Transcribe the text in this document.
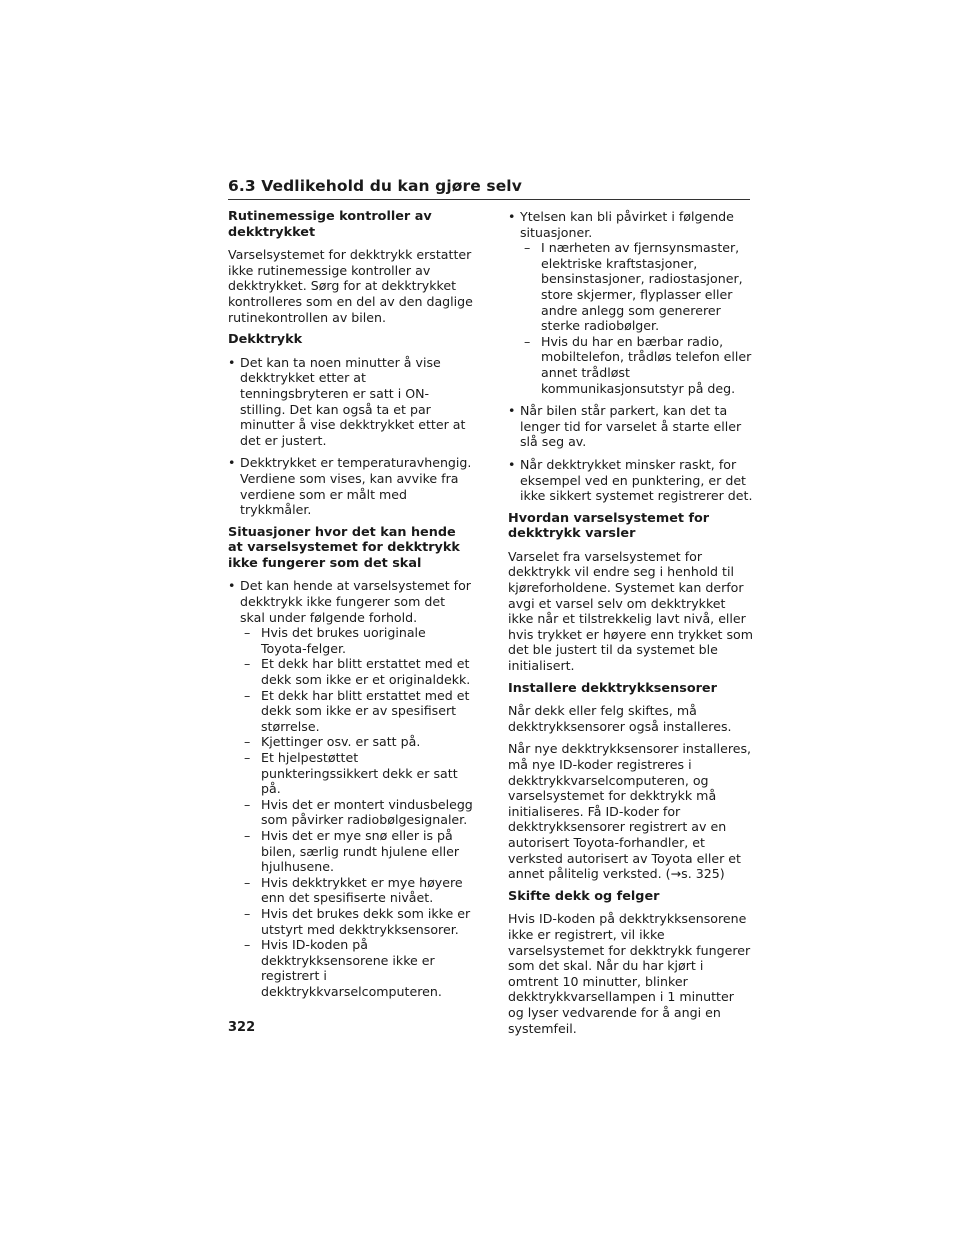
6.3 Vedlikehold du kan gjøre selv
Rutinemessige kontroller av dekktrykket
Varselsystemet for dekktrykk erstatter ikke rutinemessige kontroller av dekktrykket. Sørg for at dekktrykket kontrolleres som en del av den daglige rutinekontrollen av bilen.
Dekktrykk
• Det kan ta noen minutter å vise dekktrykket etter at tenningsbryteren er satt i ON-stilling. Det kan også ta et par minutter å vise dekktrykket etter at det er justert.
• Dekktrykket er temperaturavhengig. Verdiene som vises, kan avvike fra verdiene som er målt med trykkmåler.
Situasjoner hvor det kan hende at varselsystemet for dekktrykk ikke fungerer som det skal
• Det kan hende at varselsystemet for dekktrykk ikke fungerer som det skal under følgende forhold.
– Hvis det brukes uoriginale Toyota-felger.
– Et dekk har blitt erstattet med et dekk som ikke er et originaldekk.
– Et dekk har blitt erstattet med et dekk som ikke er av spesifisert størrelse.
– Kjettinger osv. er satt på.
– Et hjelpestøttet punkteringssikkert dekk er satt på.
– Hvis det er montert vindusbelegg som påvirker radiobølgesignaler.
– Hvis det er mye snø eller is på bilen, særlig rundt hjulene eller hjulhusene.
– Hvis dekktrykket er mye høyere enn det spesifiserte nivået.
– Hvis det brukes dekk som ikke er utstyrt med dekktrykksensorer.
– Hvis ID-koden på dekktrykksensorene ikke er registrert i dekktrykkvarselcomputeren.
• Ytelsen kan bli påvirket i følgende situasjoner.
– I nærheten av fjernsynsmaster, elektriske kraftstasjoner, bensinstasjoner, radiostasjoner, store skjermer, flyplasser eller andre anlegg som genererer sterke radiobølger.
– Hvis du har en bærbar radio, mobiltelefon, trådløs telefon eller annet trådløst kommunikasjonsutstyr på deg.
• Når bilen står parkert, kan det ta lenger tid for varselet å starte eller slå seg av.
• Når dekktrykket minsker raskt, for eksempel ved en punktering, er det ikke sikkert systemet registrerer det.
Hvordan varselsystemet for dekktrykk varsler
Varselet fra varselsystemet for dekktrykk vil endre seg i henhold til kjøreforholdene. Systemet kan derfor avgi et varsel selv om dekktrykket ikke når et tilstrekkelig lavt nivå, eller hvis trykket er høyere enn trykket som det ble justert til da systemet ble initialisert.
Installere dekktrykksensorer
Når dekk eller felg skiftes, må dekktrykksensorer også installeres.
Når nye dekktrykksensorer installeres, må nye ID-koder registreres i dekktrykkvarselcomputeren, og varselsystemet for dekktrykk må initialiseres. Få ID-koder for dekktrykksensorer registrert av en autorisert Toyota-forhandler, et verksted autorisert av Toyota eller et annet pålitelig verksted. (→s. 325)
Skifte dekk og felger
Hvis ID-koden på dekktrykksensorene ikke er registrert, vil ikke varselsystemet for dekktrykk fungerer som det skal. Når du har kjørt i omtrent 10 minutter, blinker dekktrykkvarsellampen i 1 minutter og lyser vedvarende for å angi en systemfeil.
322
